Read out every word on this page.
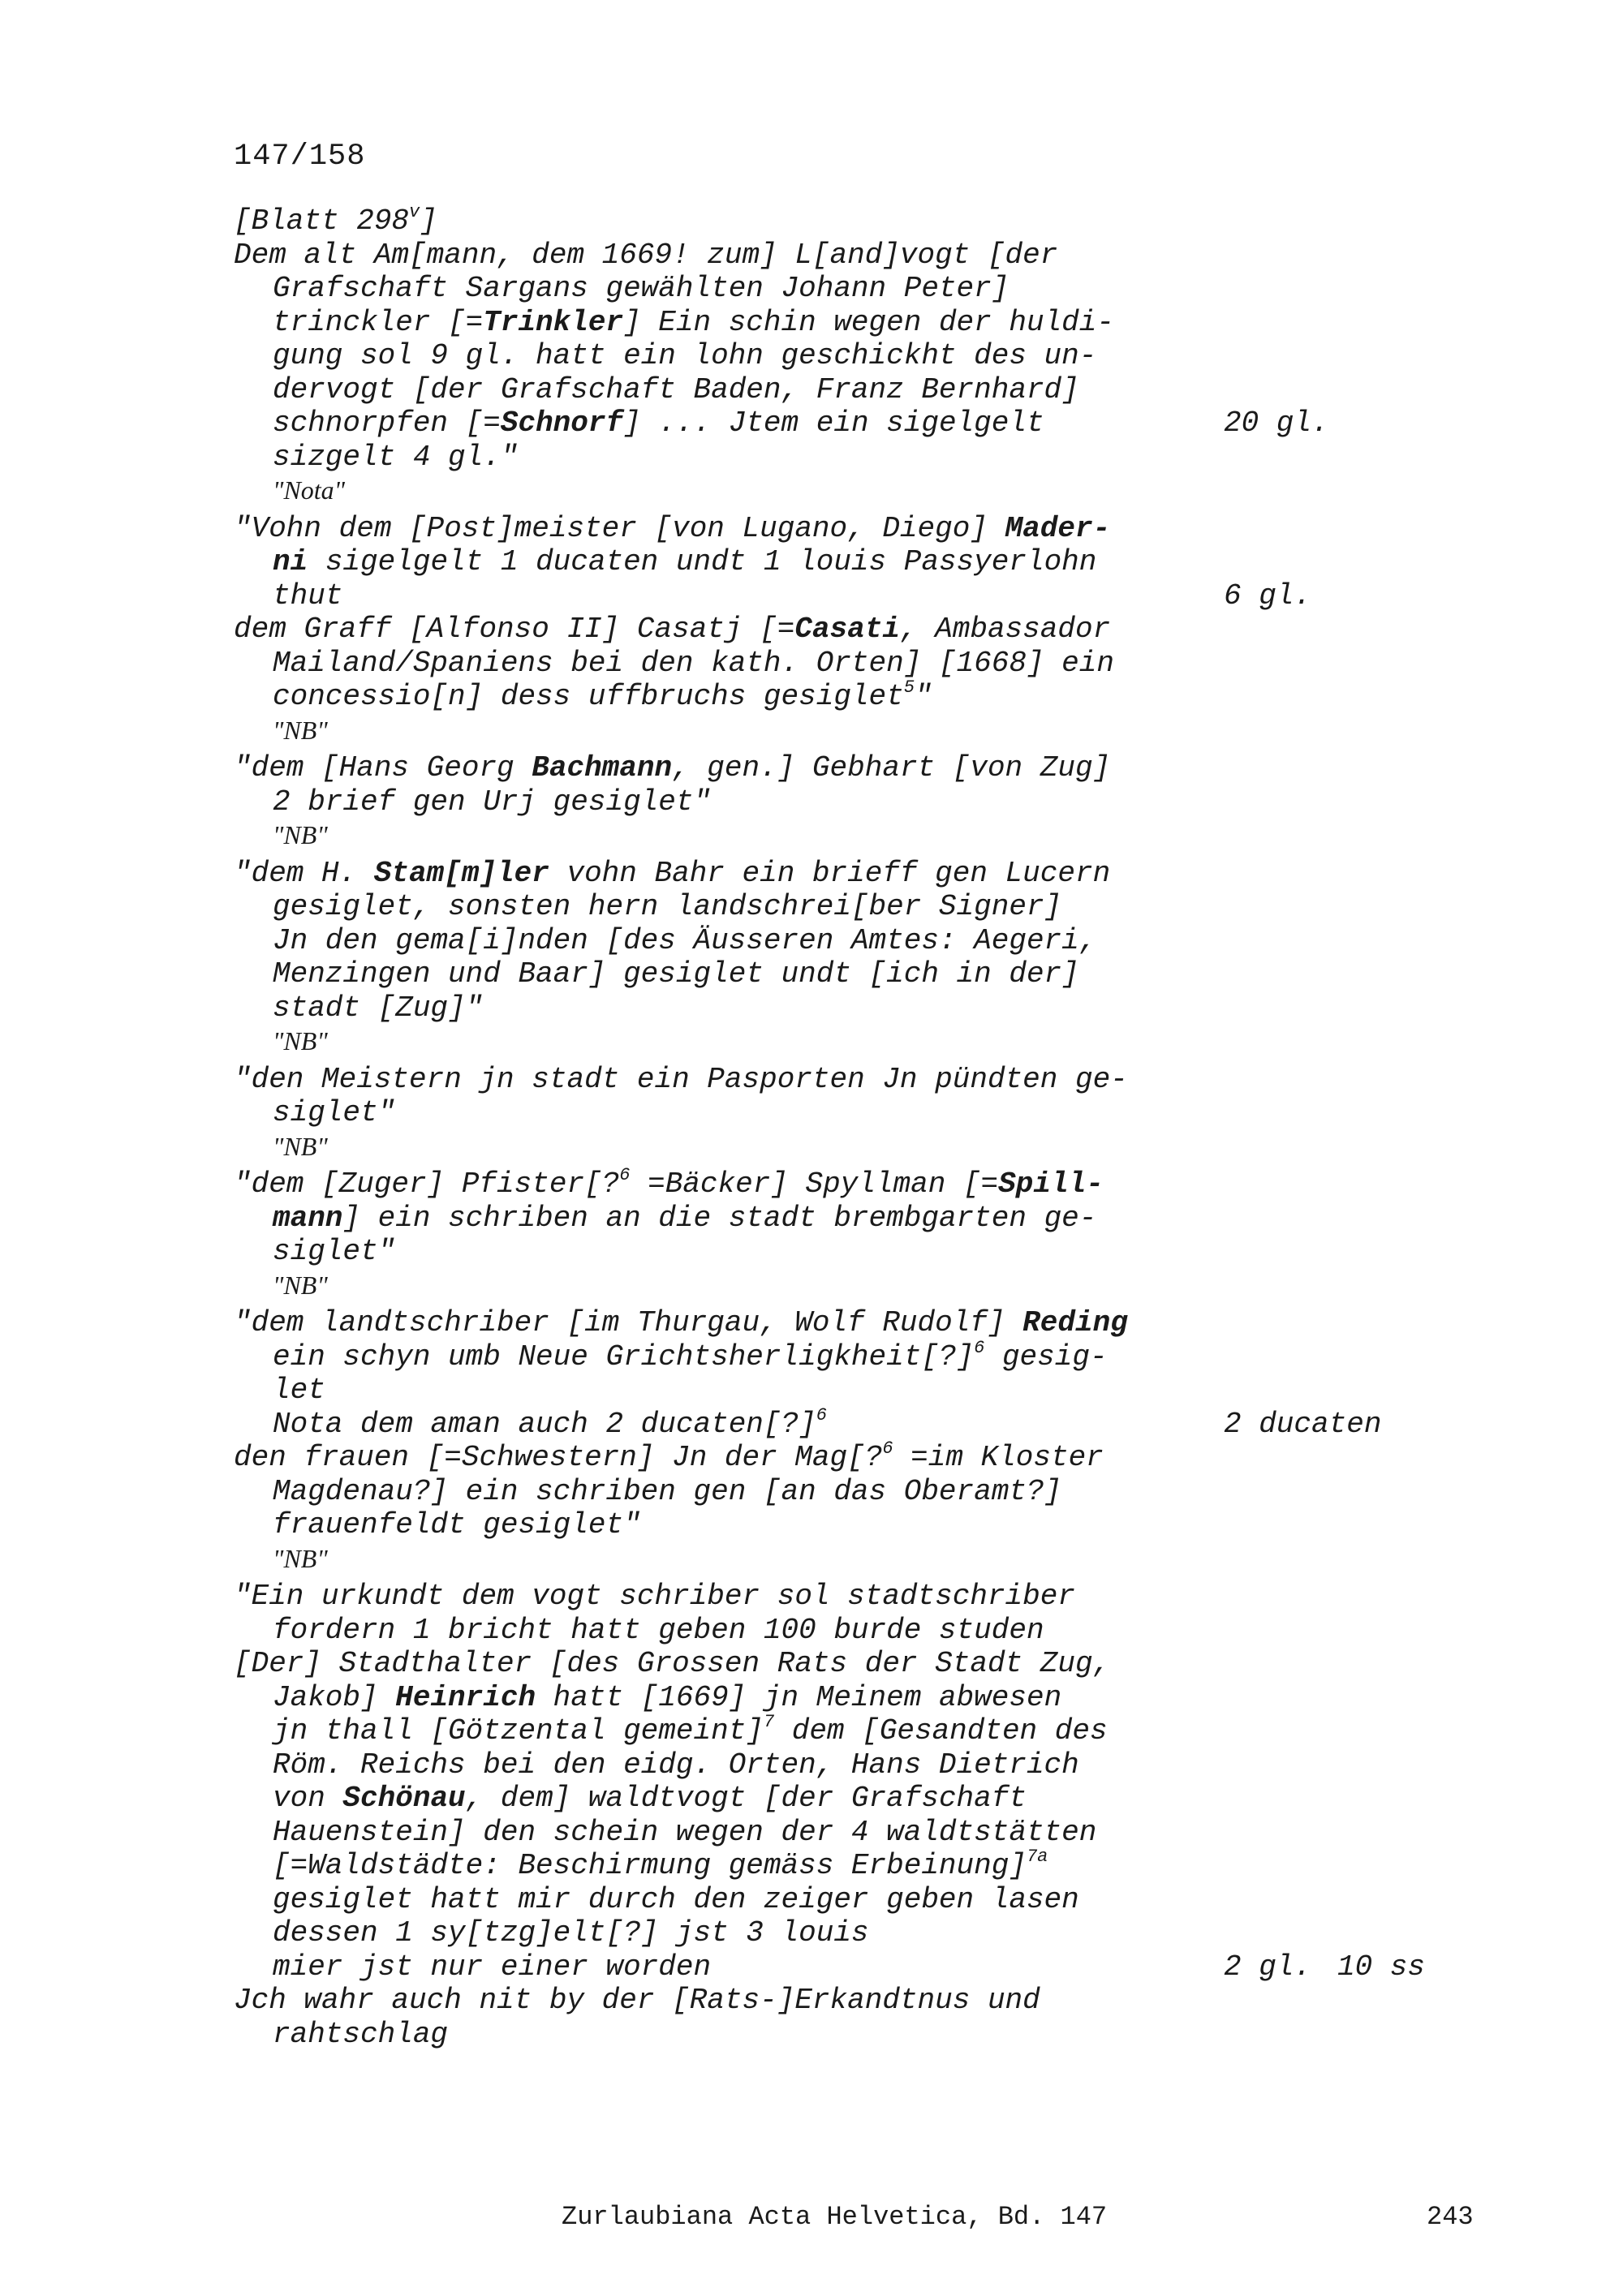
147/158
[Blatt 298$^v$]
Dem alt Am[mann, dem 1669! zum] L[and]vogt [der
Grafschaft Sargans gewählten Johann Peter]
trinckler [=Trinkler] Ein schin wegen der huldi-
gung sol 9 gl. hatt ein lohn geschickht des un-
dervogt [der Grafschaft Baden, Franz Bernhard]
schnorpfen [=Schnorf] ... Jtem ein sigelgelt	20 gl.
sizgelt 4 gl."
"Nota"
"Vohn dem [Post]meister [von Lugano, Diego] Mader-
ni sigelgelt 1 ducaten undt 1 louis Passyerlohn
thut	6 gl.
dem Graff [Alfonso II] Casatj [=Casati, Ambassador
Mailand/Spaniens bei den kath. Orten] [1668] ein
concessio[n] dess uffbruchs gesiglet$^5$"
"NB"
"dem [Hans Georg Bachmann, gen.] Gebhart [von Zug]
2 brief gen Urj gesiglet"
"NB"
"dem H. Stam[m]ler vohn Bahr ein brieff gen Lucern
gesiglet, sonsten hern landschrei[ber Signer]
Jn den gema[i]nden [des Äusseren Amtes: Aegeri,
Menzingen und Baar] gesiglet undt [ich in der]
stadt [Zug]"
"NB"
"den Meistern jn stadt ein Pasporten Jn pündten ge-
siglet"
"NB"
"dem [Zuger] Pfister[?$^6$ =Bäcker] Spyllman [=Spill-
mann] ein schriben an die stadt brembgarten ge-
siglet"
"NB"
"dem landtschriber [im Thurgau, Wolf Rudolf] Reding
ein schyn umb Neue Grichtsherligkheit[?]$^6$ gesig-
let
Nota dem aman auch 2 ducaten[?]$^6$	2 ducaten
den frauen [=Schwestern] Jn der Mag[?$^6$ =im Kloster
Magdenau?] ein schriben gen [an das Oberamt?]
frauenfeldt gesiglet"
"NB"
"Ein urkundt dem vogt schriber sol stadtschriber
fordern 1 bricht hatt geben 100 burde studen
[Der] Stadthalter [des Grossen Rats der Stadt Zug,
Jakob] Heinrich hatt [1669] jn Meinem abwesen
jn thall [Götzental gemeint]$^7$ dem [Gesandten des
Röm. Reichs bei den eidg. Orten, Hans Dietrich
von Schönau, dem] waldtvogt [der Grafschaft
Hauenstein] den schein wegen der 4 waldtstätten
[=Waldstädte: Beschirmung gemäss Erbeinung]$^{7a}$
gesiglet hatt mir durch den zeiger geben lasen
dessen 1 sy[tzg]elt[?] jst 3 louis
mier jst nur einer worden	2 gl. 10 ss
Jch wahr auch nit by der [Rats-]Erkandtnus und
rahtschlag
Zurlaubiana Acta Helvetica, Bd. 147	243
